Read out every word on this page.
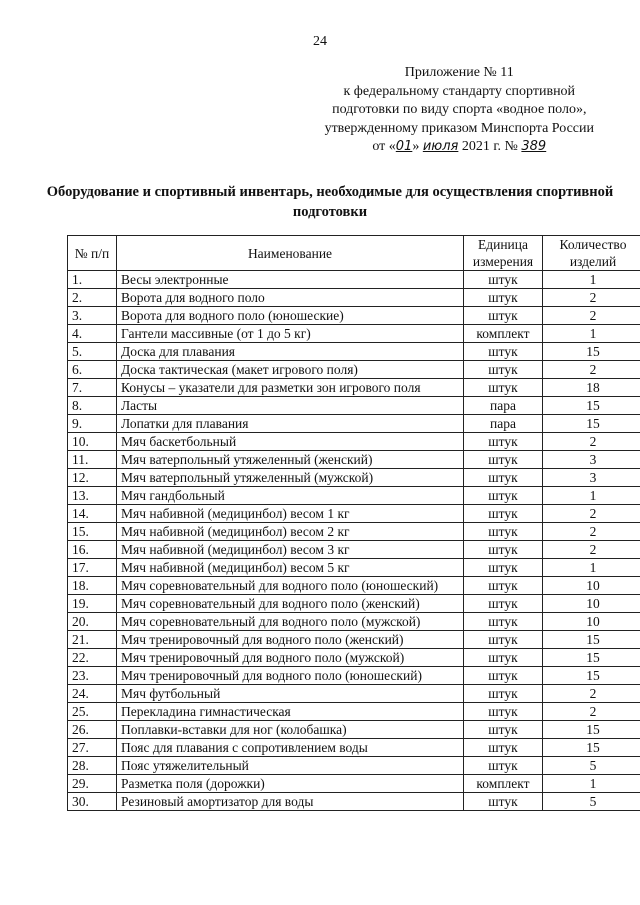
24
Приложение № 11
к федеральному стандарту спортивной
подготовки по виду спорта «водное поло»,
утвержденному приказом Минспорта России
от «01» июля 2021 г. № 389
Оборудование и спортивный инвентарь, необходимые для осуществления спортивной подготовки
№ п/п	Наименование	Единица измерения	Количество изделий
1.	Весы электронные	штук	1
2.	Ворота для водного поло	штук	2
3.	Ворота для водного поло (юношеские)	штук	2
4.	Гантели массивные (от 1 до 5 кг)	комплект	1
5.	Доска для плавания	штук	15
6.	Доска тактическая (макет игрового поля)	штук	2
7.	Конусы – указатели для разметки зон игрового поля	штук	18
8.	Ласты	пара	15
9.	Лопатки для плавания	пара	15
10.	Мяч баскетбольный	штук	2
11.	Мяч ватерпольный утяжеленный (женский)	штук	3
12.	Мяч ватерпольный утяжеленный (мужской)	штук	3
13.	Мяч гандбольный	штук	1
14.	Мяч набивной (медицинбол) весом 1 кг	штук	2
15.	Мяч набивной (медицинбол) весом 2 кг	штук	2
16.	Мяч набивной (медицинбол) весом 3 кг	штук	2
17.	Мяч набивной (медицинбол) весом 5 кг	штук	1
18.	Мяч соревновательный для водного поло (юношеский)	штук	10
19.	Мяч соревновательный для водного поло (женский)	штук	10
20.	Мяч соревновательный для водного поло (мужской)	штук	10
21.	Мяч тренировочный для водного поло (женский)	штук	15
22.	Мяч тренировочный для водного поло (мужской)	штук	15
23.	Мяч тренировочный для водного поло (юношеский)	штук	15
24.	Мяч футбольный	штук	2
25.	Перекладина гимнастическая	штук	2
26.	Поплавки-вставки для ног (колобашка)	штук	15
27.	Пояс для плавания с сопротивлением воды	штук	15
28.	Пояс утяжелительный	штук	5
29.	Разметка поля (дорожки)	комплект	1
30.	Резиновый амортизатор для воды	штук	5
